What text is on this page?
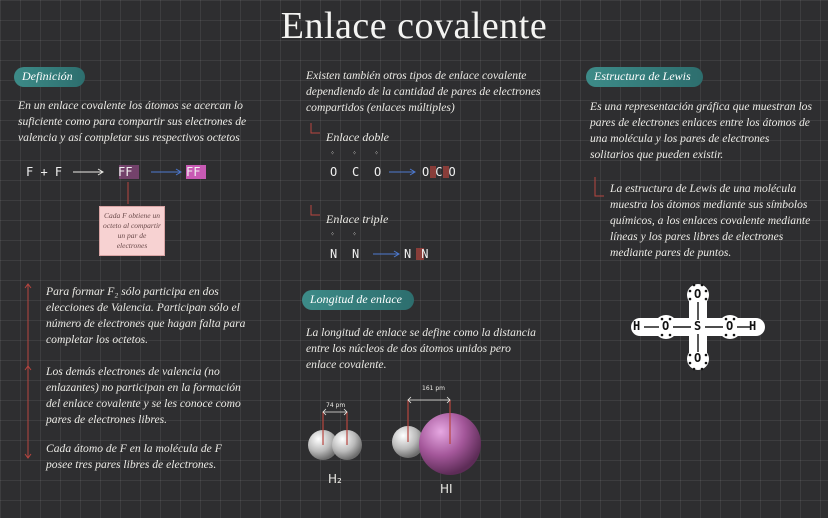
Enlace covalente
Definición
En un enlace covalente los átomos se acercan lo suficiente como para compartir sus electrones de valencia y así completar sus respectivos octetos
F + F	FF	FF
Cada F obtiene un octeto al compartir un par de electrones
Para formar F₂ sólo participa en dos elecciones de Valencia. Participan sólo el número de electrones que hagan falta para completar los octetos.
Los demás electrones de valencia (no enlazantes) no participan en la formación del enlace covalente y se les conoce como pares de electrones libres.
Cada átomo de F en la molécula de F posee tres pares libres de electrones.
Existen también otros tipos de enlace covalente dependiendo de la cantidad de pares de electrones compartidos (enlaces múltiples)
Enlace doble
⁘	⁘	⁘
O C O	OCO
Enlace triple
⁘	⁘
N N	NN
Longitud de enlace
La longitud de enlace se define como la distancia entre los núcleos de dos átomos unidos pero enlace covalente.
74 pm
161 pm
H₂
HI
Estructura de Lewis
Es una representación gráfica que muestran los pares de electrones enlaces entre los átomos de una molécula y los pares de electrones solitarios que pueden existir.
La estructura de Lewis de una molécula muestra los átomos mediante sus símbolos químicos, a los enlaces covalente mediante líneas y los pares libres de electrones mediante pares de puntos.
H O S O H
O
O
